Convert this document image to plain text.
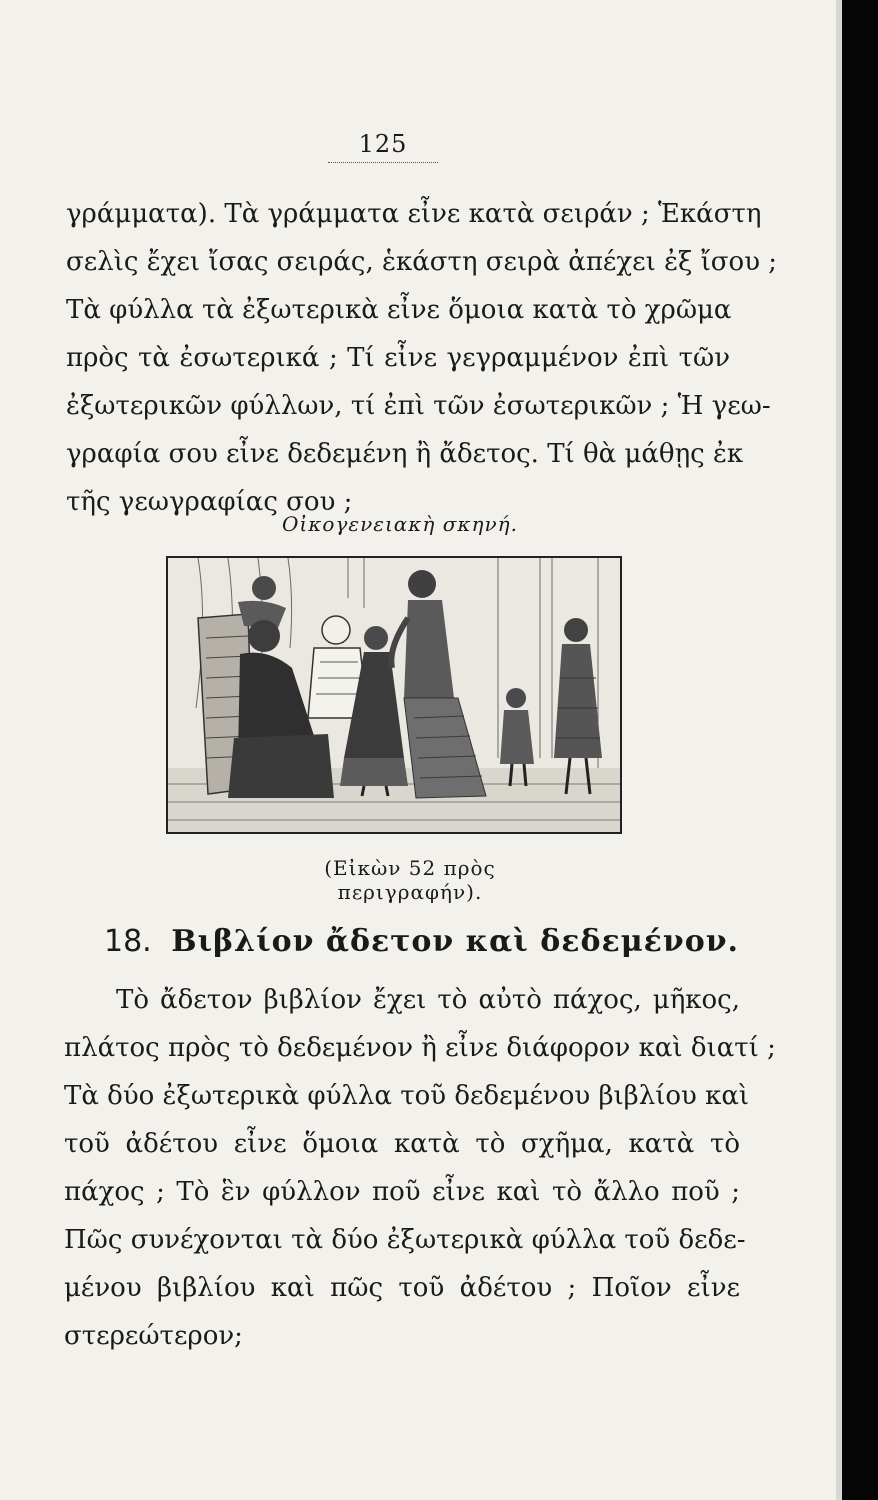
125

γράμματα). Τὰ γράμματα εἶνε κατὰ σειράν ; Ἑκάστη
σελὶς ἔχει ἴσας σειράς, ἑκάστη σειρὰ ἀπέχει ἐξ ἴσου ;
Τὰ φύλλα τὰ ἐξωτερικὰ εἶνε ὅμοια κατὰ τὸ χρῶμα
πρὸς τὰ ἐσωτερικά ; Τί εἶνε γεγραμμένον ἐπὶ τῶν
ἐξωτερικῶν φύλλων, τί ἐπὶ τῶν ἐσωτερικῶν ; Ἡ γεω-
γραφία σου εἶνε δεδεμένη ἢ ἄδετος. Τί θὰ μάθῃς ἐκ
τῆς γεωγραφίας σου ;

Οἰκογενειακὴ σκηνή.
(Εἰκὼν 52 πρὸς περιγραφήν).
18. Βιβλίον ἄδετον καὶ δεδεμένον.

Τὸ ἄδετον βιβλίον ἔχει τὸ αὐτὸ πάχος, μῆκος,
πλάτος πρὸς τὸ δεδεμένον ἢ εἶνε διάφορον καὶ διατί ;
Τὰ δύο ἐξωτερικὰ φύλλα τοῦ δεδεμένου βιβλίου καὶ
τοῦ ἀδέτου εἶνε ὅμοια κατὰ τὸ σχῆμα, κατὰ τὸ
πάχος ; Τὸ ἓν φύλλον ποῦ εἶνε καὶ τὸ ἄλλο ποῦ ;
Πῶς συνέχονται τὰ δύο ἐξωτερικὰ φύλλα τοῦ δεδε-
μένου βιβλίου καὶ πῶς τοῦ ἀδέτου ; Ποῖον εἶνε
στερεώτερον;
